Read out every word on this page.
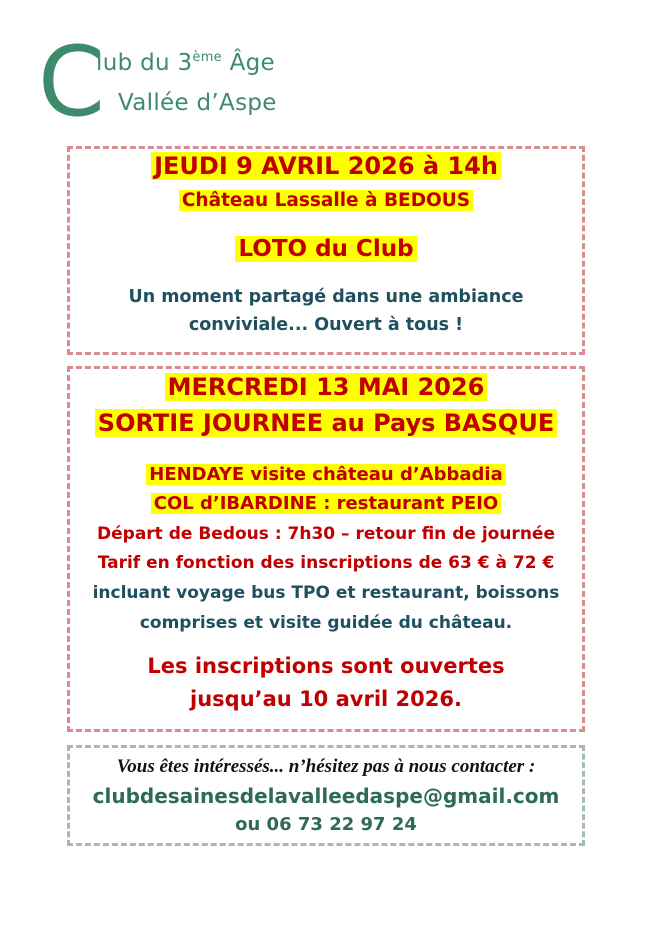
C
lub du 3ème Âge
Vallée d’Aspe
JEUDI 9 AVRIL 2026 à 14h
Château Lassalle à BEDOUS
LOTO du Club
Un moment partagé dans une ambiance
conviviale... Ouvert à tous !
MERCREDI 13 MAI 2026
SORTIE JOURNEE au Pays BASQUE
HENDAYE visite château d’Abbadia
COL d’IBARDINE : restaurant PEIO
Départ de Bedous : 7h30 – retour fin de journée
Tarif en fonction des inscriptions de 63 € à 72 €
incluant voyage bus TPO et restaurant, boissons
comprises et visite guidée du château.
Les inscriptions sont ouvertes
jusqu’au 10 avril 2026.
Vous êtes intéressés... n’hésitez pas à nous contacter :
clubdesainesdelavalleedaspe@gmail.com
ou 06 73 22 97 24
